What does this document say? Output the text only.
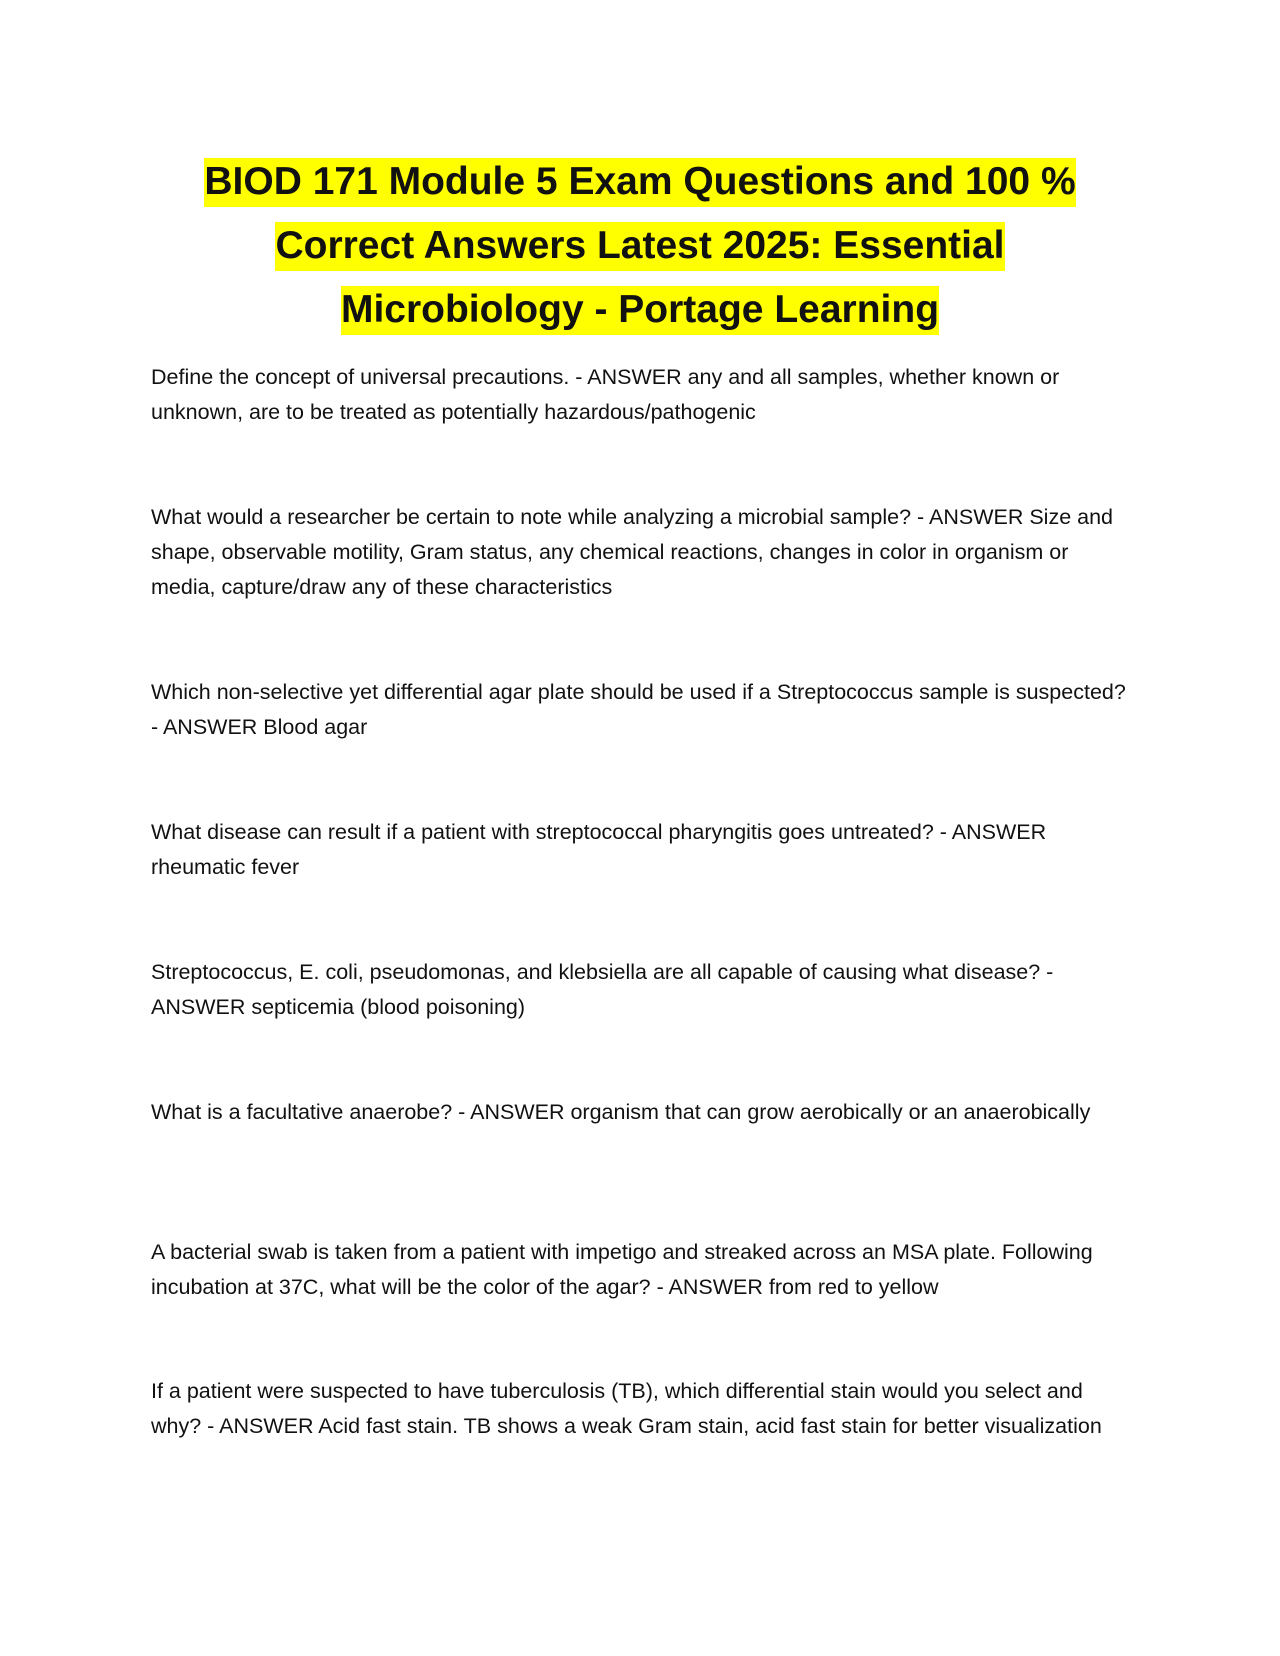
BIOD 171 Module 5 Exam Questions and 100 % Correct Answers Latest 2025: Essential Microbiology - Portage Learning

Define the concept of universal precautions. - ANSWER any and all samples, whether known or unknown, are to be treated as potentially hazardous/pathogenic

What would a researcher be certain to note while analyzing a microbial sample? - ANSWER Size and shape, observable motility, Gram status, any chemical reactions, changes in color in organism or media, capture/draw any of these characteristics

Which non-selective yet differential agar plate should be used if a Streptococcus sample is suspected? - ANSWER Blood agar

What disease can result if a patient with streptococcal pharyngitis goes untreated? - ANSWER rheumatic fever

Streptococcus, E. coli, pseudomonas, and klebsiella are all capable of causing what disease? - ANSWER septicemia (blood poisoning)

What is a facultative anaerobe? - ANSWER organism that can grow aerobically or an anaerobically

A bacterial swab is taken from a patient with impetigo and streaked across an MSA plate. Following incubation at 37C, what will be the color of the agar? - ANSWER from red to yellow

If a patient were suspected to have tuberculosis (TB), which differential stain would you select and why? - ANSWER Acid fast stain. TB shows a weak Gram stain, acid fast stain for better visualization
